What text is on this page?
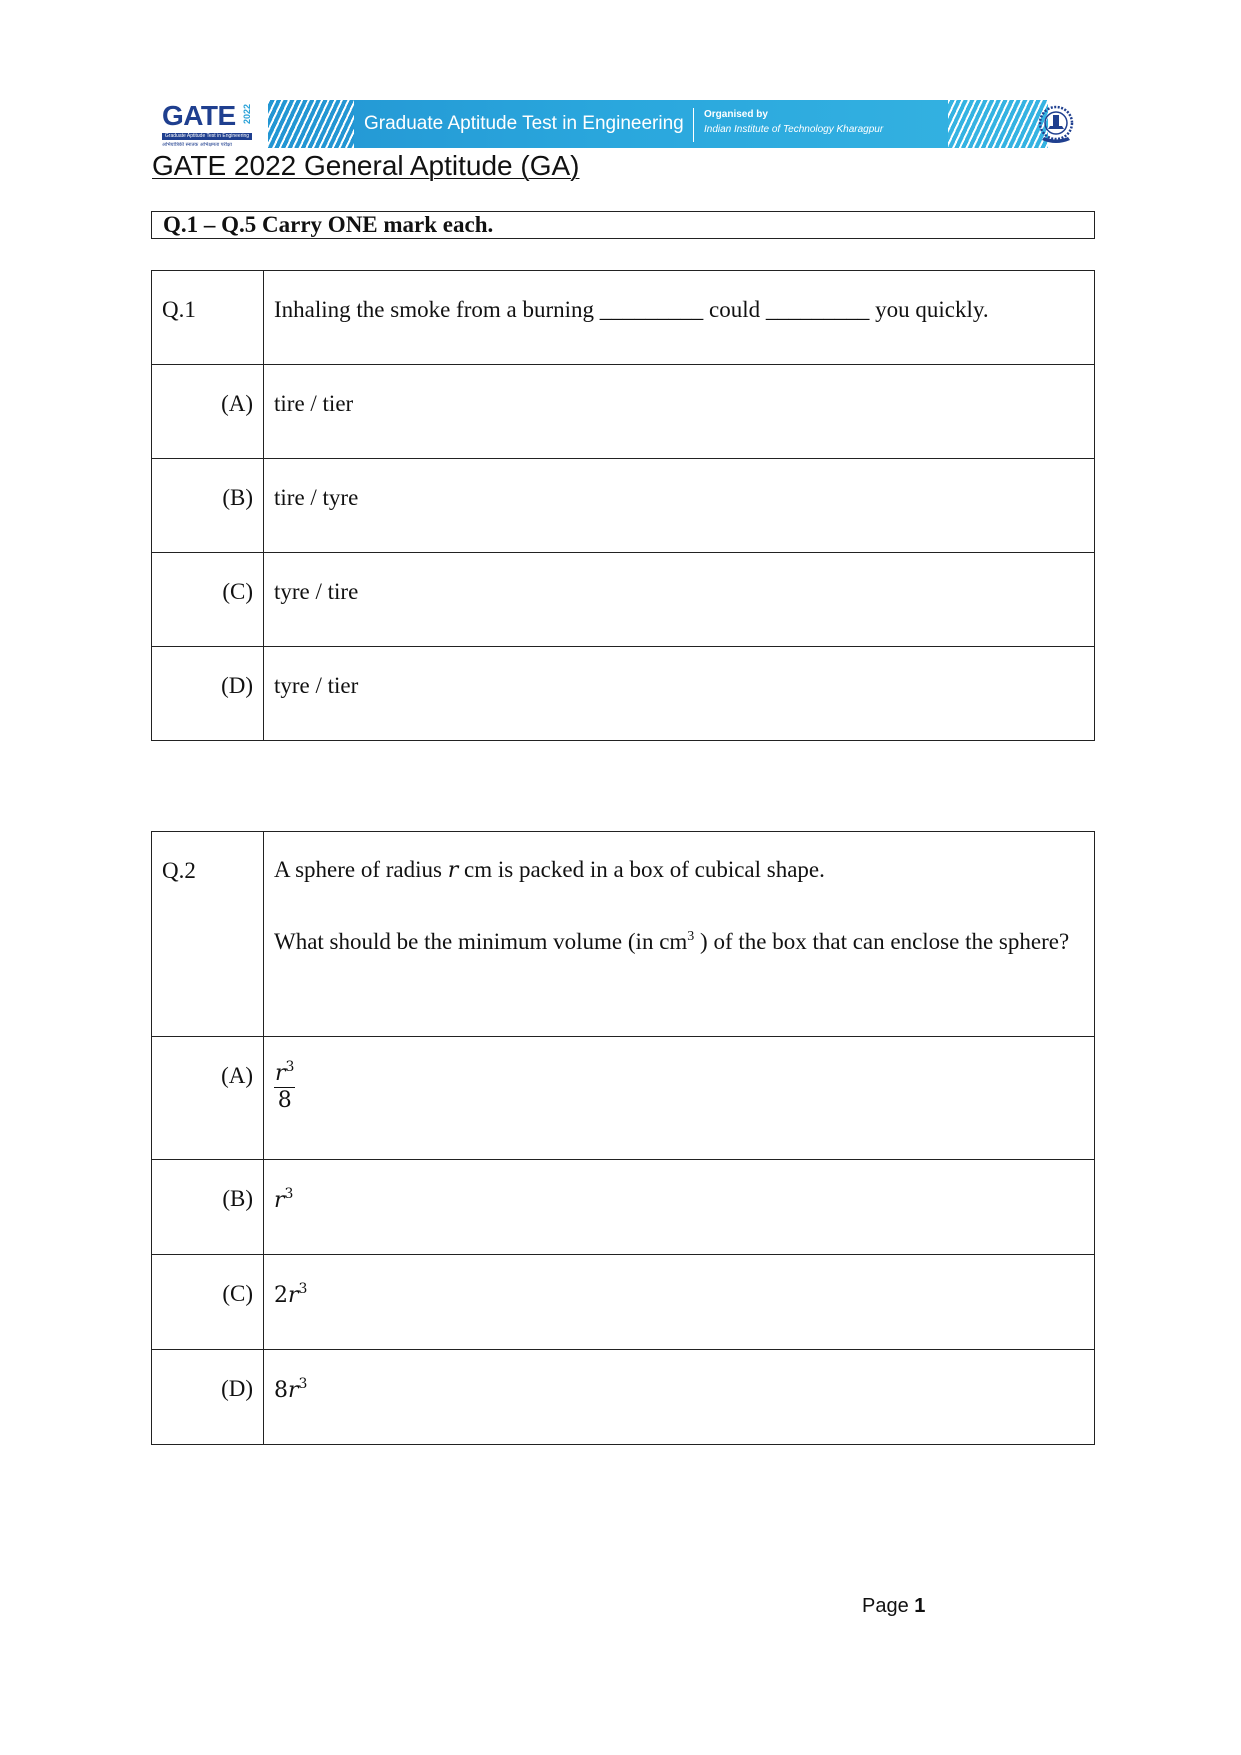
GATE 2022
Graduate Aptitude Test in Engineering
अभियांत्रिकी स्नातक अभिक्षमता परीक्षा
Graduate Aptitude Test in Engineering Organised by
Indian Institute of Technology Kharagpur
GATE 2022 General Aptitude (GA)
Q.1 – Q.5 Carry ONE mark each.
Q.1	Inhaling the smoke from a burning _________ could _________ you quickly.

(A)	tire / tier

(B)	tire / tyre

(C)	tyre / tire

(D)	tyre / tier
Q.2	A sphere of radius r cm is packed in a box of cubical shape.

What should be the minimum volume (in $cm^3$ ) of the box that can enclose the sphere?

(A)	$\frac{r^3}{8}$

(B)	$r^3$

(C)	$2r^3$

(D)	$8r^3$
Page 1
